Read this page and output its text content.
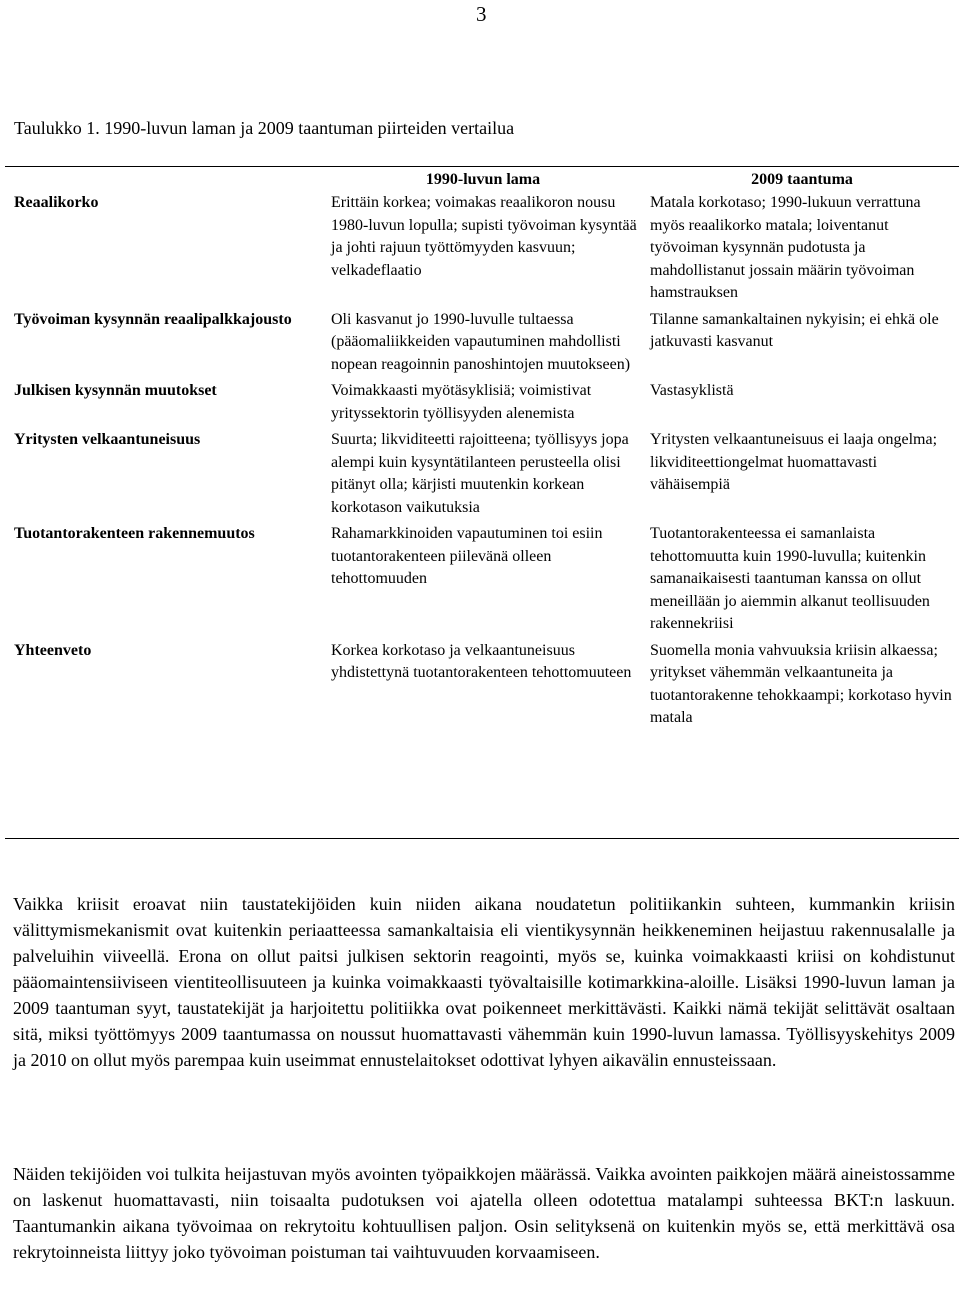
3
Taulukko 1. 1990-luvun laman ja 2009 taantuman piirteiden vertailua
	1990-luvun lama	2009 taantuma
Reaalikorko	Erittäin korkea; voimakas reaalikoron nousu 1980-luvun lopulla; supisti työvoiman kysyntää ja johti rajuun työttömyyden kasvuun; velkadeflaatio	Matala korkotaso; 1990-lukuun verrattuna myös reaalikorko matala; loiventanut työvoiman kysynnän pudotusta ja mahdollistanut jossain määrin työvoiman hamstrauksen
Työvoiman kysynnän reaalipalkkajousto	Oli kasvanut jo 1990-luvulle tultaessa (pääomaliikkeiden vapautuminen mahdollisti nopean reagoinnin panoshintojen muutokseen)	Tilanne samankaltainen nykyisin; ei ehkä ole jatkuvasti kasvanut
Julkisen kysynnän muutokset	Voimakkaasti myötäsyklisiä; voimistivat yrityssektorin työllisyyden alenemista	Vastasyklistä
Yritysten velkaantuneisuus	Suurta; likviditeetti rajoitteena; työllisyys jopa alempi kuin kysyntätilanteen perusteella olisi pitänyt olla; kärjisti muutenkin korkean korkotason vaikutuksia	Yritysten velkaantuneisuus ei laaja ongelma; likviditeettiongelmat huomattavasti vähäisempiä
Tuotantorakenteen rakennemuutos	Rahamarkkinoiden vapautuminen toi esiin tuotantorakenteen piilevänä olleen tehottomuuden	Tuotantorakenteessa ei samanlaista tehottomuutta kuin 1990-luvulla; kuitenkin samanaikaisesti taantuman kanssa on ollut meneillään jo aiemmin alkanut teollisuuden rakennekriisi
Yhteenveto	Korkea korkotaso ja velkaantuneisuus yhdistettynä tuotantorakenteen tehottomuuteen	Suomella monia vahvuuksia kriisin alkaessa; yritykset vähemmän velkaantuneita ja tuotantorakenne tehokkaampi; korkotaso hyvin matala

Vaikka kriisit eroavat niin taustatekijöiden kuin niiden aikana noudatetun politiikankin suhteen, kummankin kriisin välittymismekanismit ovat kuitenkin periaatteessa samankaltaisia eli vientikysynnän heikkeneminen heijastuu rakennusalalle ja palveluihin viiveellä. Erona on ollut paitsi julkisen sektorin reagointi, myös se, kuinka voimakkaasti kriisi on kohdistunut pääomaintensiiviseen vientiteollisuuteen ja kuinka voimakkaasti työvaltaisille kotimarkkina-aloille. Lisäksi 1990-luvun laman ja 2009 taantuman syyt, taustatekijät ja harjoitettu politiikka ovat poikenneet merkittävästi. Kaikki nämä tekijät selittävät osaltaan sitä, miksi työttömyys 2009 taantumassa on noussut huomattavasti vähemmän kuin 1990-luvun lamassa. Työllisyyskehitys 2009 ja 2010 on ollut myös parempaa kuin useimmat ennustelaitokset odottivat lyhyen aikavälin ennusteissaan.

Näiden tekijöiden voi tulkita heijastuvan myös avointen työpaikkojen määrässä. Vaikka avointen paikkojen määrä aineistossamme on laskenut huomattavasti, niin toisaalta pudotuksen voi ajatella olleen odotettua matalampi suhteessa BKT:n laskuun. Taantumankin aikana työvoimaa on rekrytoitu kohtuullisen paljon. Osin selityksenä on kuitenkin myös se, että merkittävä osa rekrytoinneista liittyy joko työvoiman poistuman tai vaihtuvuuden korvaamiseen.
